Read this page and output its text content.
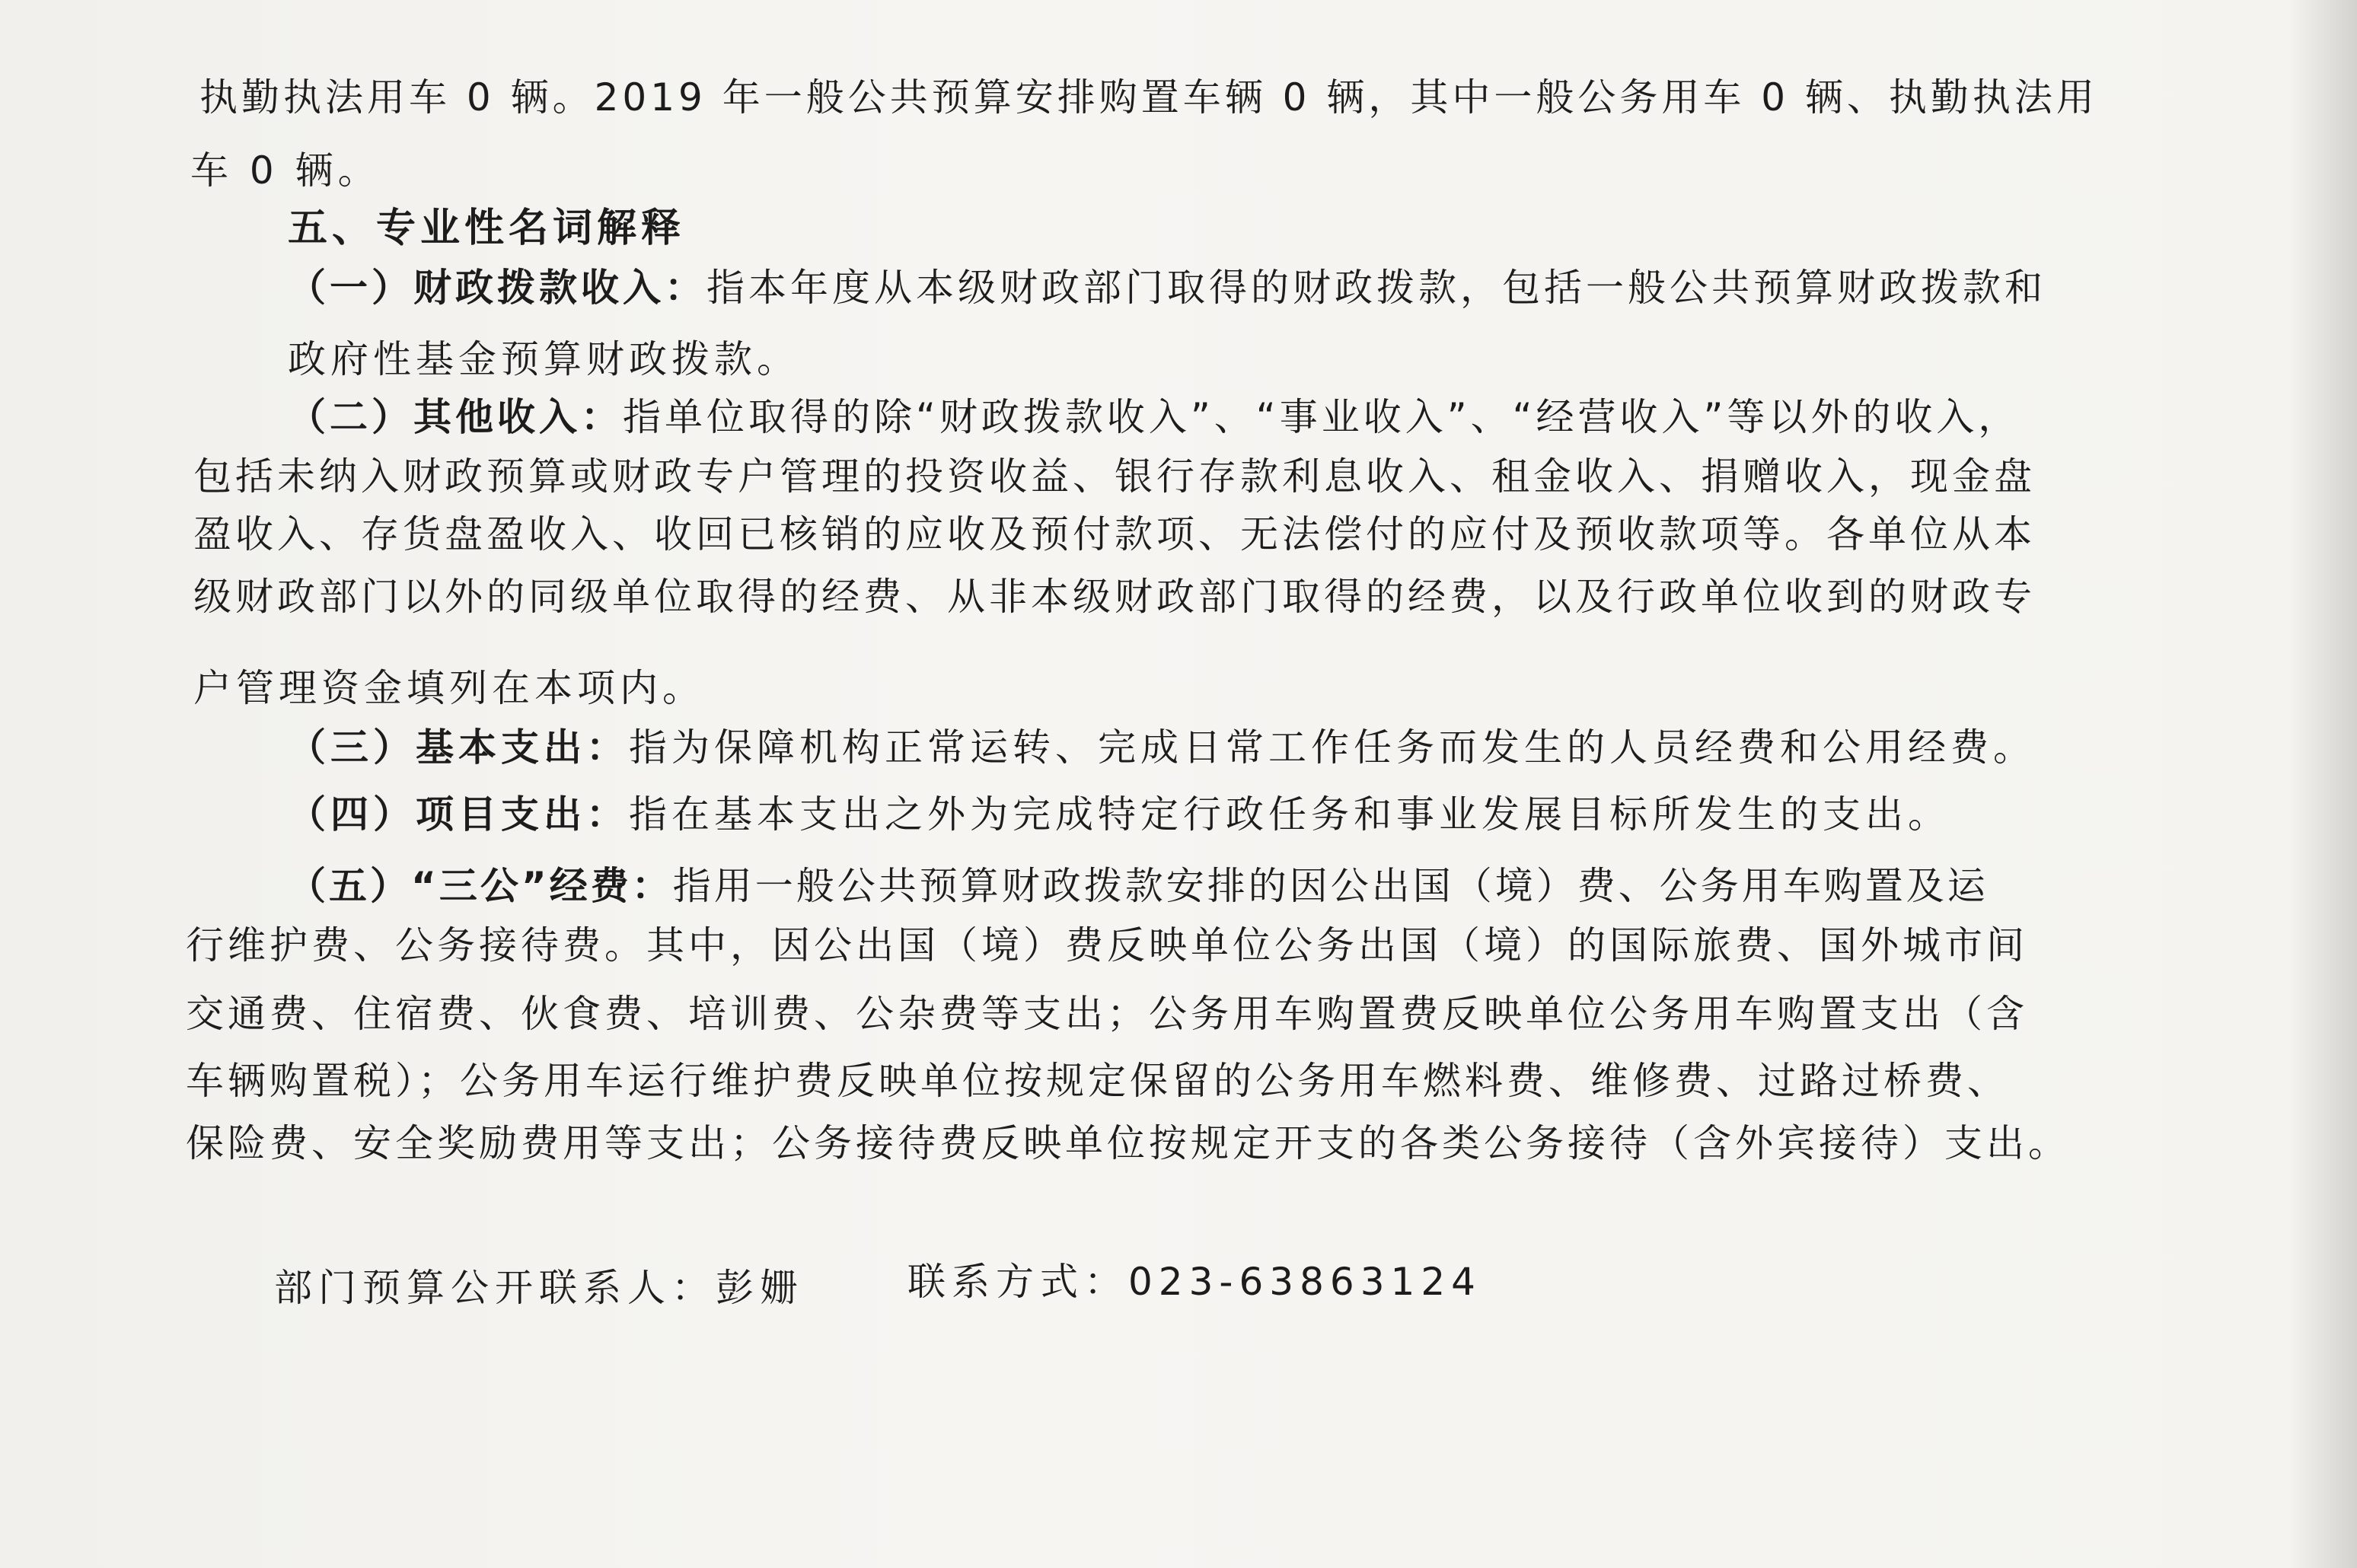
执勤执法用车 0 辆。2019 年一般公共预算安排购置车辆 0 辆，其中一般公务用车 0 辆、执勤执法用
车 0 辆。
五、专业性名词解释
（一）财政拨款收入：指本年度从本级财政部门取得的财政拨款，包括一般公共预算财政拨款和
政府性基金预算财政拨款。
（二）其他收入：指单位取得的除“财政拨款收入”、“事业收入”、“经营收入”等以外的收入，
包括未纳入财政预算或财政专户管理的投资收益、银行存款利息收入、租金收入、捐赠收入，现金盘
盈收入、存货盘盈收入、收回已核销的应收及预付款项、无法偿付的应付及预收款项等。各单位从本
级财政部门以外的同级单位取得的经费、从非本级财政部门取得的经费，以及行政单位收到的财政专
户管理资金填列在本项内。
（三）基本支出：指为保障机构正常运转、完成日常工作任务而发生的人员经费和公用经费。
（四）项目支出：指在基本支出之外为完成特定行政任务和事业发展目标所发生的支出。
（五）“三公”经费：指用一般公共预算财政拨款安排的因公出国（境）费、公务用车购置及运
行维护费、公务接待费。其中，因公出国（境）费反映单位公务出国（境）的国际旅费、国外城市间
交通费、住宿费、伙食费、培训费、公杂费等支出；公务用车购置费反映单位公务用车购置支出（含
车辆购置税）；公务用车运行维护费反映单位按规定保留的公务用车燃料费、维修费、过路过桥费、
保险费、安全奖励费用等支出；公务接待费反映单位按规定开支的各类公务接待（含外宾接待）支出。
部门预算公开联系人：彭姗	联系方式：023-63863124
